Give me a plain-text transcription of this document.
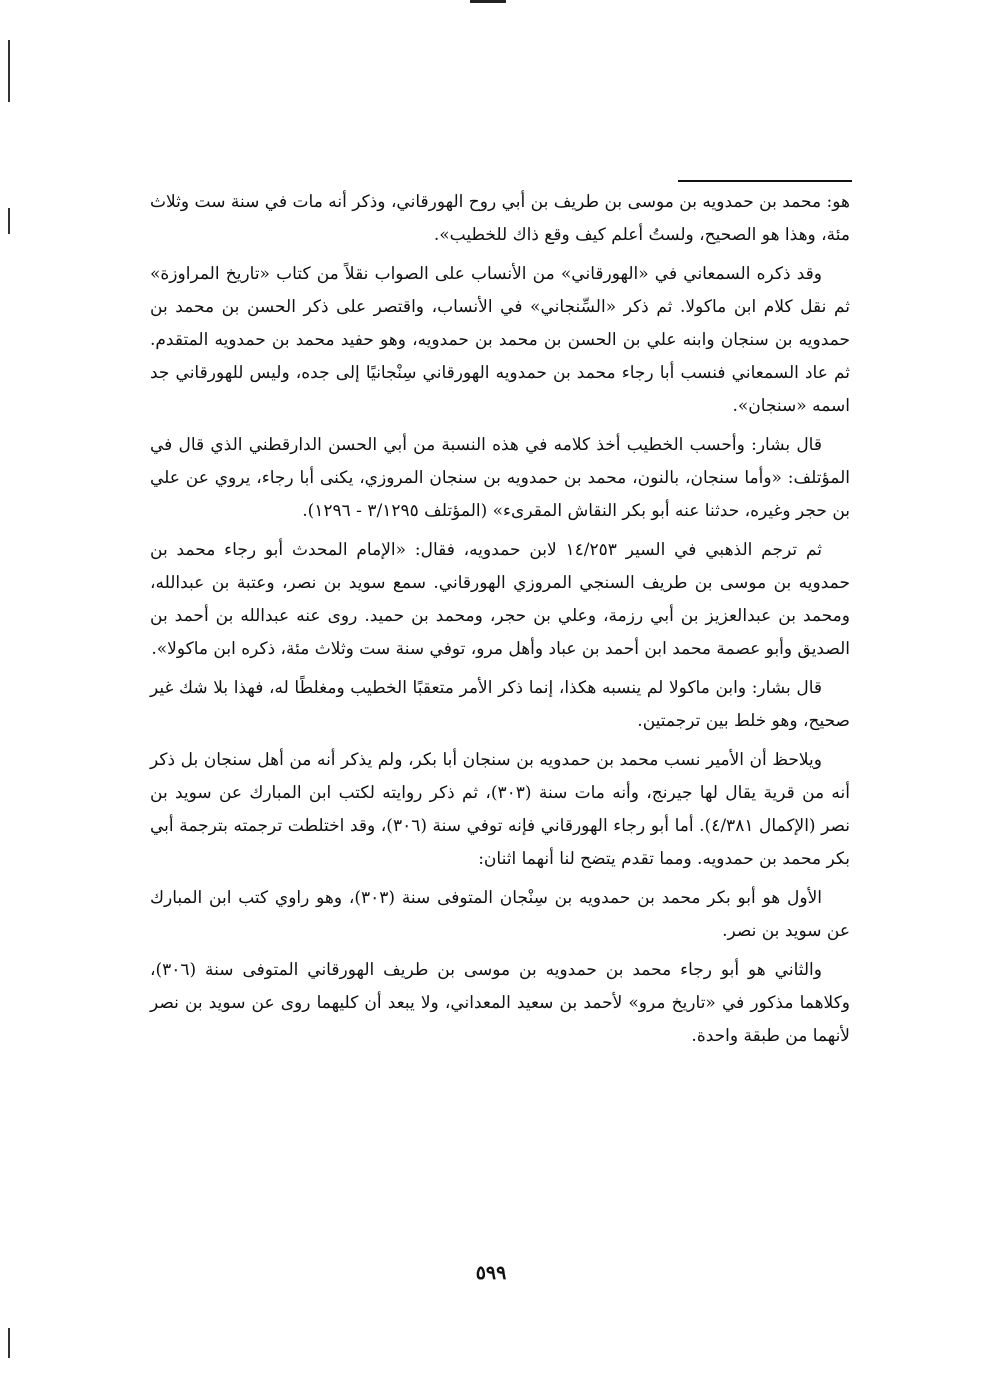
هو: محمد بن حمدويه بن موسى بن طريف بن أبي روح الهورقاني، وذكر أنه مات في سنة ست وثلاث مئة، وهذا هو الصحيح، ولستُ أعلم كيف وقع ذاك للخطيب».

وقد ذكره السمعاني في «الهورقاني» من الأنساب على الصواب نقلاً من كتاب «تاريخ المراوزة» ثم نقل كلام ابن ماكولا. ثم ذكر «السِّنجاني» في الأنساب، واقتصر على ذكر الحسن بن محمد بن حمدويه بن سنجان وابنه علي بن الحسن بن محمد بن حمدويه، وهو حفيد محمد بن حمدويه المتقدم. ثم عاد السمعاني فنسب أبا رجاء محمد بن حمدويه الهورقاني سِنْجانيًا إلى جده، وليس للهورقاني جد اسمه «سنجان».

قال بشار: وأحسب الخطيب أخذ كلامه في هذه النسبة من أبي الحسن الدارقطني الذي قال في المؤتلف: «وأما سنجان، بالنون، محمد بن حمدويه بن سنجان المروزي، يكنى أبا رجاء، يروي عن علي بن حجر وغيره، حدثنا عنه أبو بكر النقاش المقرىء» (المؤتلف ٣/١٢٩٥ - ١٢٩٦).

ثم ترجم الذهبي في السير ١٤/٢٥٣ لابن حمدويه، فقال: «الإمام المحدث أبو رجاء محمد بن حمدويه بن موسى بن طريف السنجي المروزي الهورقاني. سمع سويد بن نصر، وعتبة بن عبدالله، ومحمد بن عبدالعزيز بن أبي رزمة، وعلي بن حجر، ومحمد بن حميد. روى عنه عبدالله بن أحمد بن الصديق وأبو عصمة محمد ابن أحمد بن عباد وأهل مرو، توفي سنة ست وثلاث مئة، ذكره ابن ماكولا».

قال بشار: وابن ماكولا لم ينسبه هكذا، إنما ذكر الأمر متعقبًا الخطيب ومغلطًا له، فهذا بلا شك غير صحيح، وهو خلط بين ترجمتين.

ويلاحظ أن الأمير نسب محمد بن حمدويه بن سنجان أبا بكر، ولم يذكر أنه من أهل سنجان بل ذكر أنه من قرية يقال لها جيرنج، وأنه مات سنة (٣٠٣)، ثم ذكر روايته لكتب ابن المبارك عن سويد بن نصر (الإكمال ٤/٣٨١). أما أبو رجاء الهورقاني فإنه توفي سنة (٣٠٦)، وقد اختلطت ترجمته بترجمة أبي بكر محمد بن حمدويه. ومما تقدم يتضح لنا أنهما اثنان:

الأول هو أبو بكر محمد بن حمدويه بن سِنْجان المتوفى سنة (٣٠٣)، وهو راوي كتب ابن المبارك عن سويد بن نصر.

والثاني هو أبو رجاء محمد بن حمدويه بن موسى بن طريف الهورقاني المتوفى سنة (٣٠٦)، وكلاهما مذكور في «تاريخ مرو» لأحمد بن سعيد المعداني، ولا يبعد أن كليهما روى عن سويد بن نصر لأنهما من طبقة واحدة.

٥٩٩
